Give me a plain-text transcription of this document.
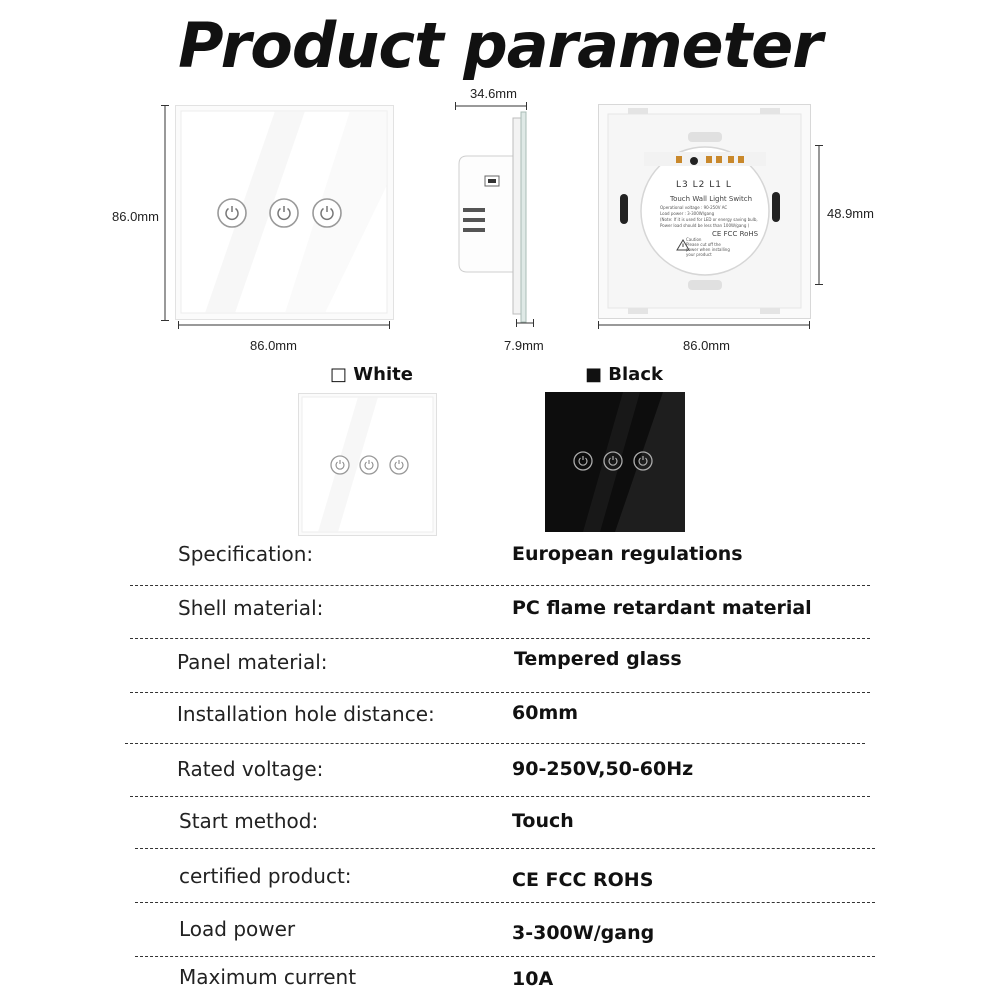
Product parameter
86.0mm
86.0mm
34.6mm
7.9mm
L3 L2 L1 L
Touch Wall Light Switch
Operational voltage : 90-250V AC
Load power : 3-300W/gang
(Note: If it is used for LED or energy saving bulb,
Power load should be less than 100W/gang )
CE FCC RoHS
Caution
Please cut off the
power when installing
your product
48.9mm
86.0mm
□ White	■ Black
Specification:	European regulations
Shell material:	PC flame retardant material
Panel material:	Tempered glass
Installation hole distance:	60mm
Rated voltage:	90-250V,50-60Hz
Start method:	Touch
certified product:	CE FCC ROHS
Load power	3-300W/gang
Maximum current	10A
